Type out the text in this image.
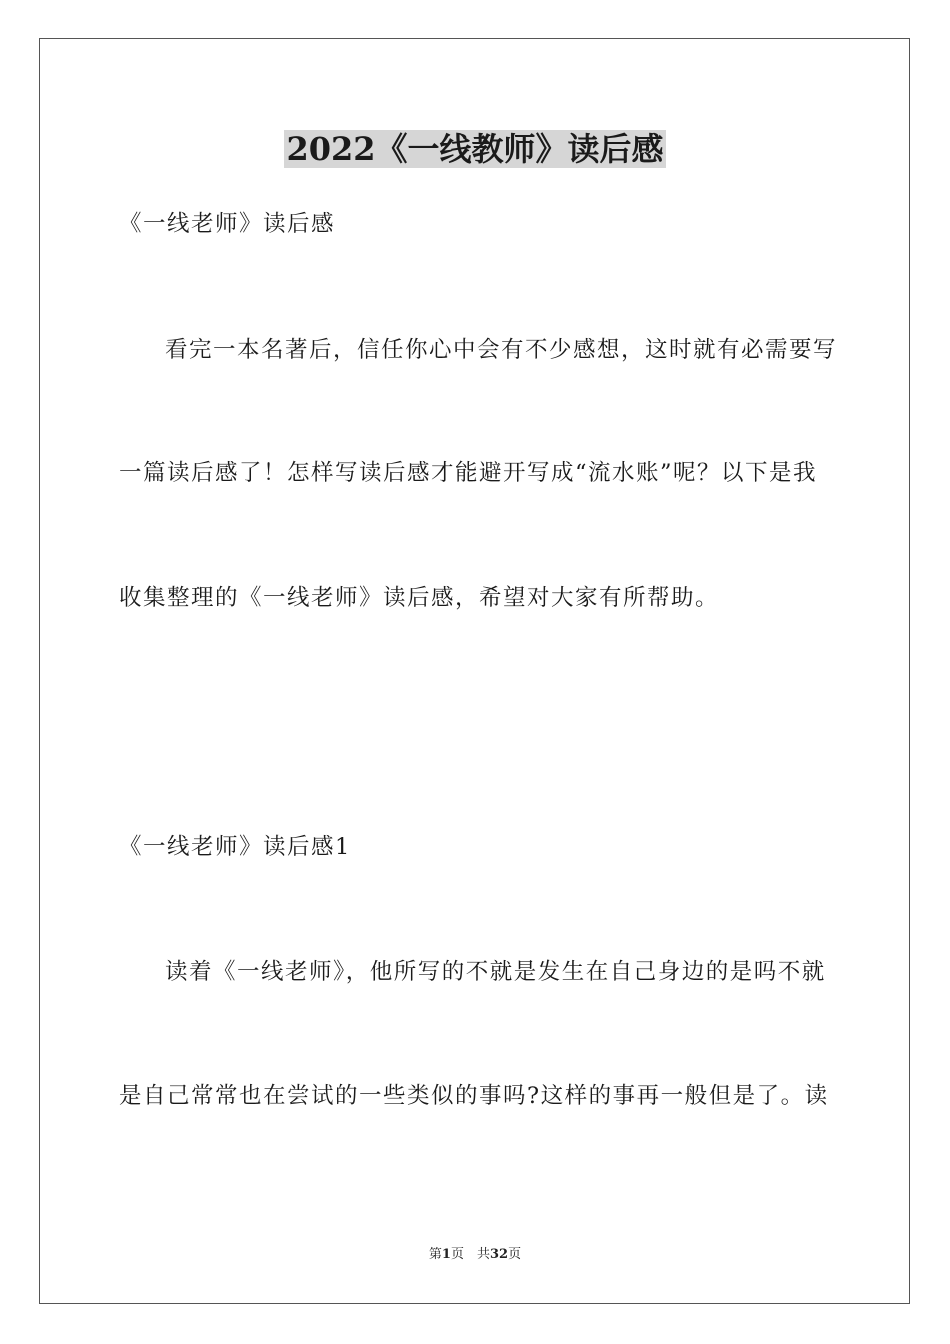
2022《一线教师》读后感
《一线老师》读后感
看完一本名著后，信任你心中会有不少感想，这时就有必需要写
一篇读后感了！怎样写读后感才能避开写成“流水账”呢？以下是我
收集整理的《一线老师》读后感，希望对大家有所帮助。
《一线老师》读后感1
读着《一线老师》，他所写的不就是发生在自己身边的是吗不就
是自己常常也在尝试的一些类似的事吗?这样的事再一般但是了。读
第1页　共32页
